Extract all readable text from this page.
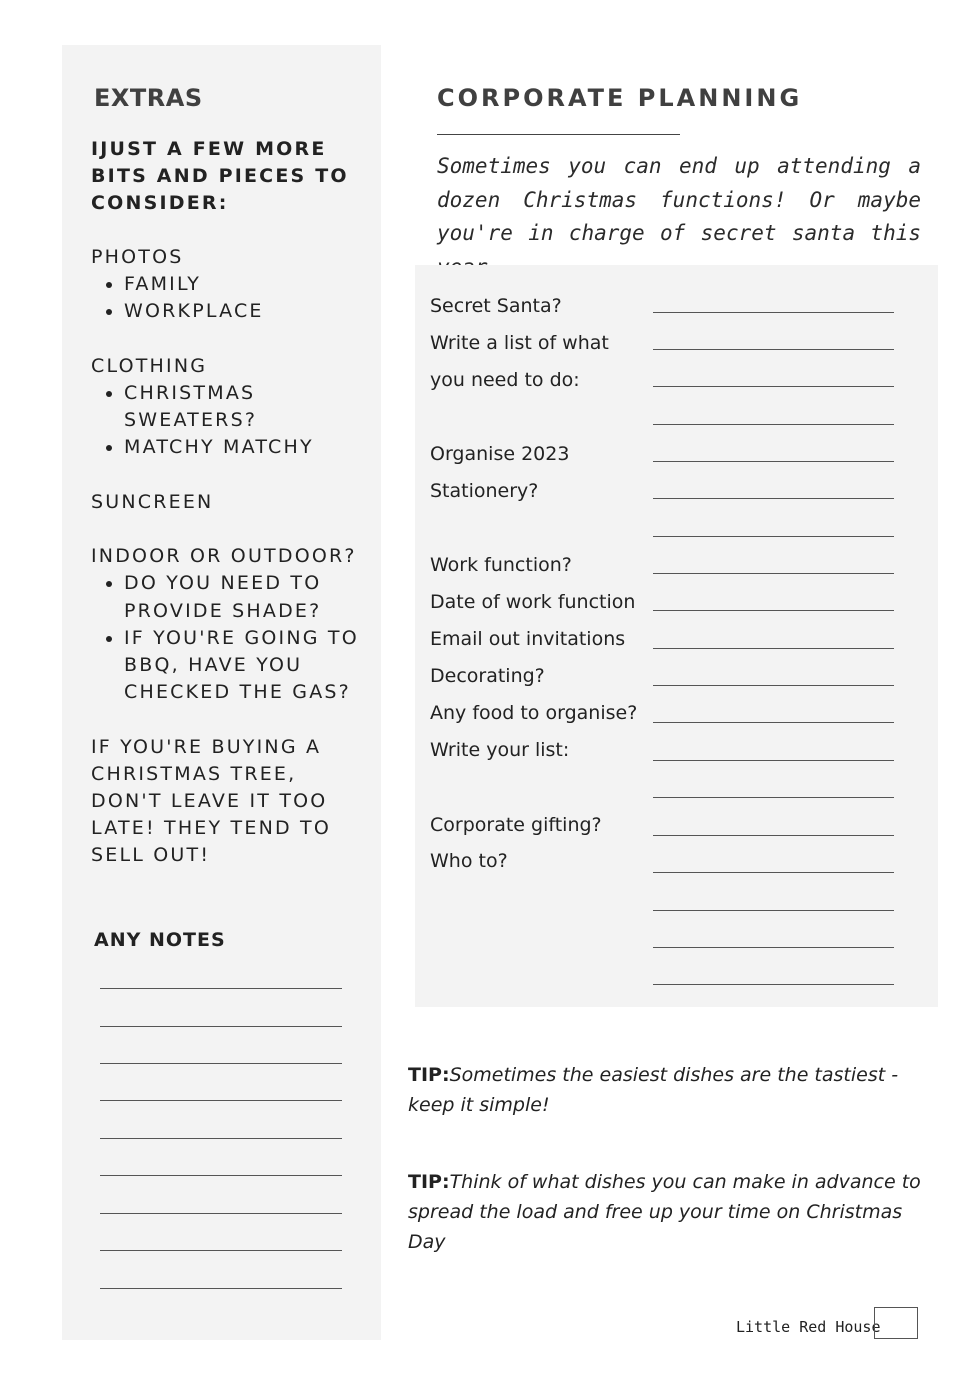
EXTRAS
IJUST A FEW MORE BITS AND PIECES TO CONSIDER:

PHOTOS

• FAMILY
• WORKPLACE

CLOTHING

• CHRISTMAS SWEATERS?
• MATCHY MATCHY

SUNCREEN

INDOOR OR OUTDOOR?

• DO YOU NEED TO PROVIDE SHADE?
• IF YOU'RE GOING TO BBQ, HAVE YOU CHECKED THE GAS?

IF YOU'RE BUYING A CHRISTMAS TREE, DON'T LEAVE IT TOO LATE! THEY TEND TO SELL OUT!

ANY NOTES
CORPORATE PLANNING
Sometimes you can end up attending a dozen Christmas functions! Or maybe you're in charge of secret santa this
Secret Santa?
Write a list of what
you need to do:
Organise 2023
Stationery?
Work function?
Date of work function
Email out invitations
Decorating?
Any food to organise?
Write your list:
Corporate gifting?
Who to?
TIP:Sometimes the easiest dishes are the tastiest - keep it simple!
TIP:Think of what dishes you can make in advance to spread the load and free up your time on Christmas Day
Little Red House
